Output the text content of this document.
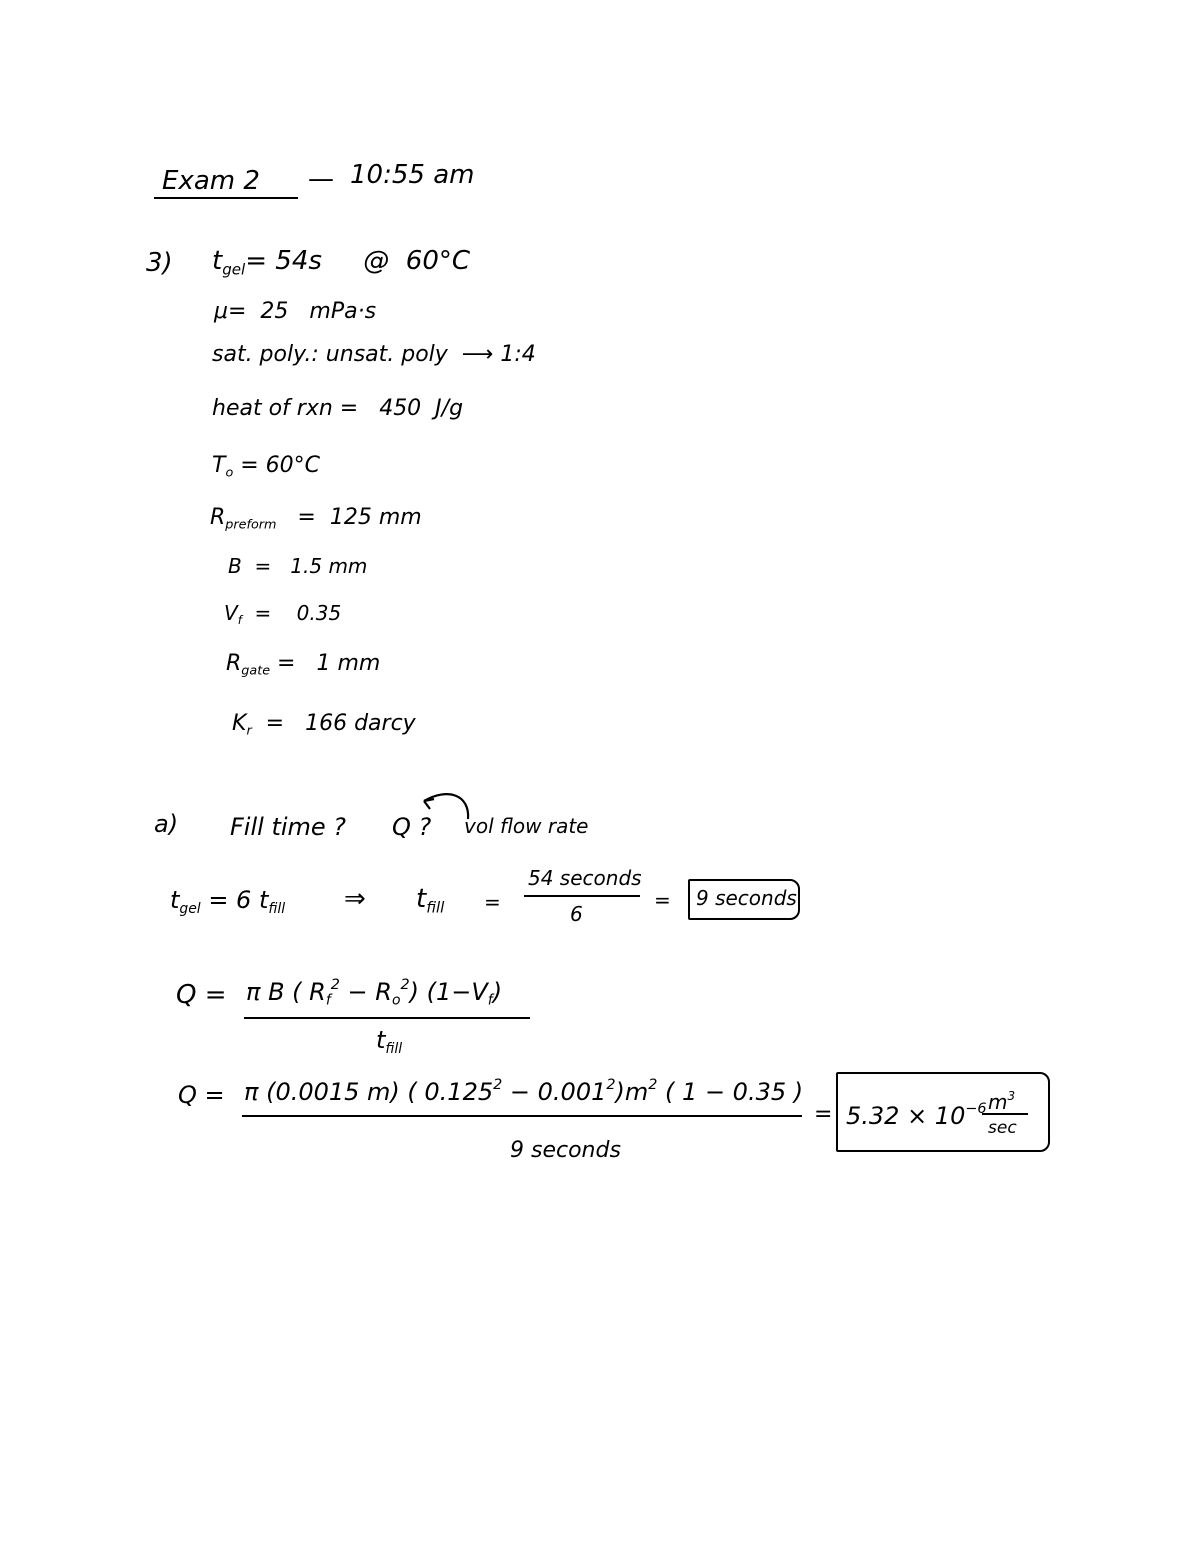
Exam 2 — 10:55 am
3) $t_{gel}= 54s$     @  60°C
μ=  25   mPa·s
sat. poly.: unsat. poly  ⟶ 1:4
heat of rxn =   450  J/g
$T_o = 60^\circ C$
$R_{preform} = 125$ mm
B  =   1.5 mm
$V_f$  =    0.35
$R_{gate} = 1$ mm
$K_r = 166$ darcy
a) Fill time ? Q ? vol flow rate
$t_{gel} = 6$ $t_{fill}$ ⇒ $t_{fill}$ =
54 seconds
6
= 9 seconds
Q = π B ( $R_f^2 - R_o^2$) $(1-V_f)$
$t_{fill}$
Q = π (0.0015 m) ( $0.125^2 - 0.001^2)m^2$ ( 1 − 0.35 )
9 seconds
= $5.32 \times 10^{-6}$ $m^3$
sec
